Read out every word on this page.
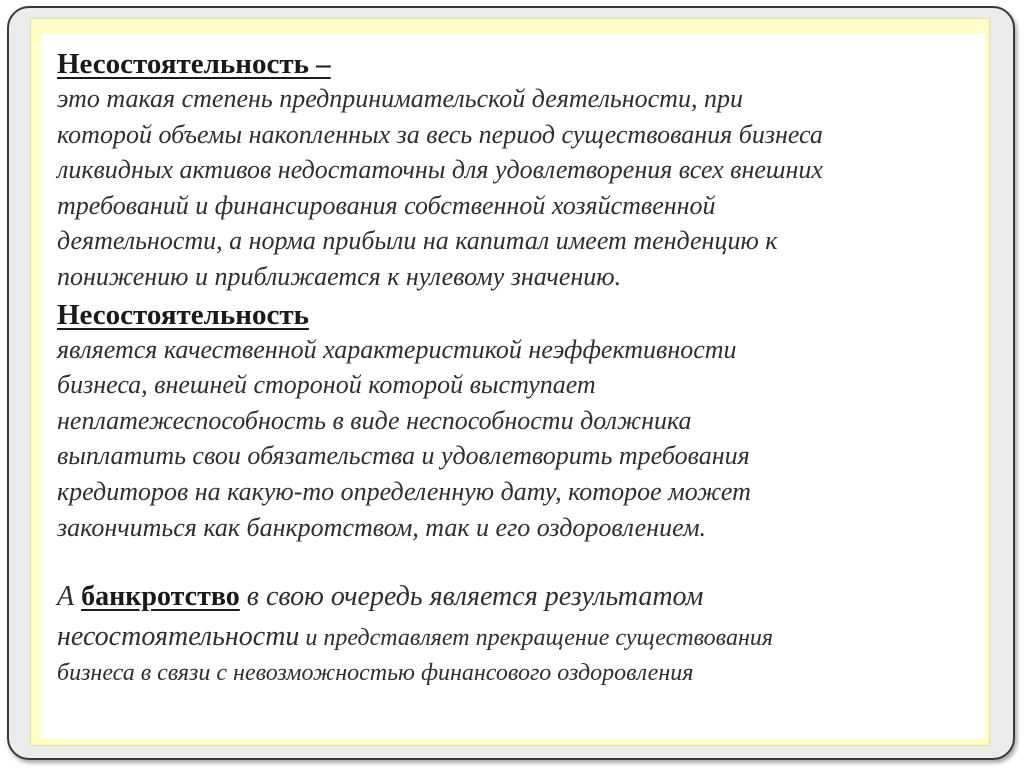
Несостоятельность –

это такая степень предпринимательской деятельности, при
которой объемы накопленных за весь период существования бизнеса
ликвидных активов недостаточны для удовлетворения всех внешних
требований и финансирования собственной хозяйственной
деятельности, а норма прибыли на капитал имеет тенденцию к
понижению и приближается к нулевому значению.

Несостоятельность

является качественной характеристикой неэффективности
бизнеса, внешней стороной которой выступает
неплатежеспособность в виде неспособности должника
выплатить свои обязательства и удовлетворить требования
кредиторов на какую-то определенную дату, которое может
закончиться как банкротством, так и его оздоровлением.

А банкротство в свою очередь является результатом
несостоятельности и представляет прекращение существования
бизнеса в связи с невозможностью финансового оздоровления
